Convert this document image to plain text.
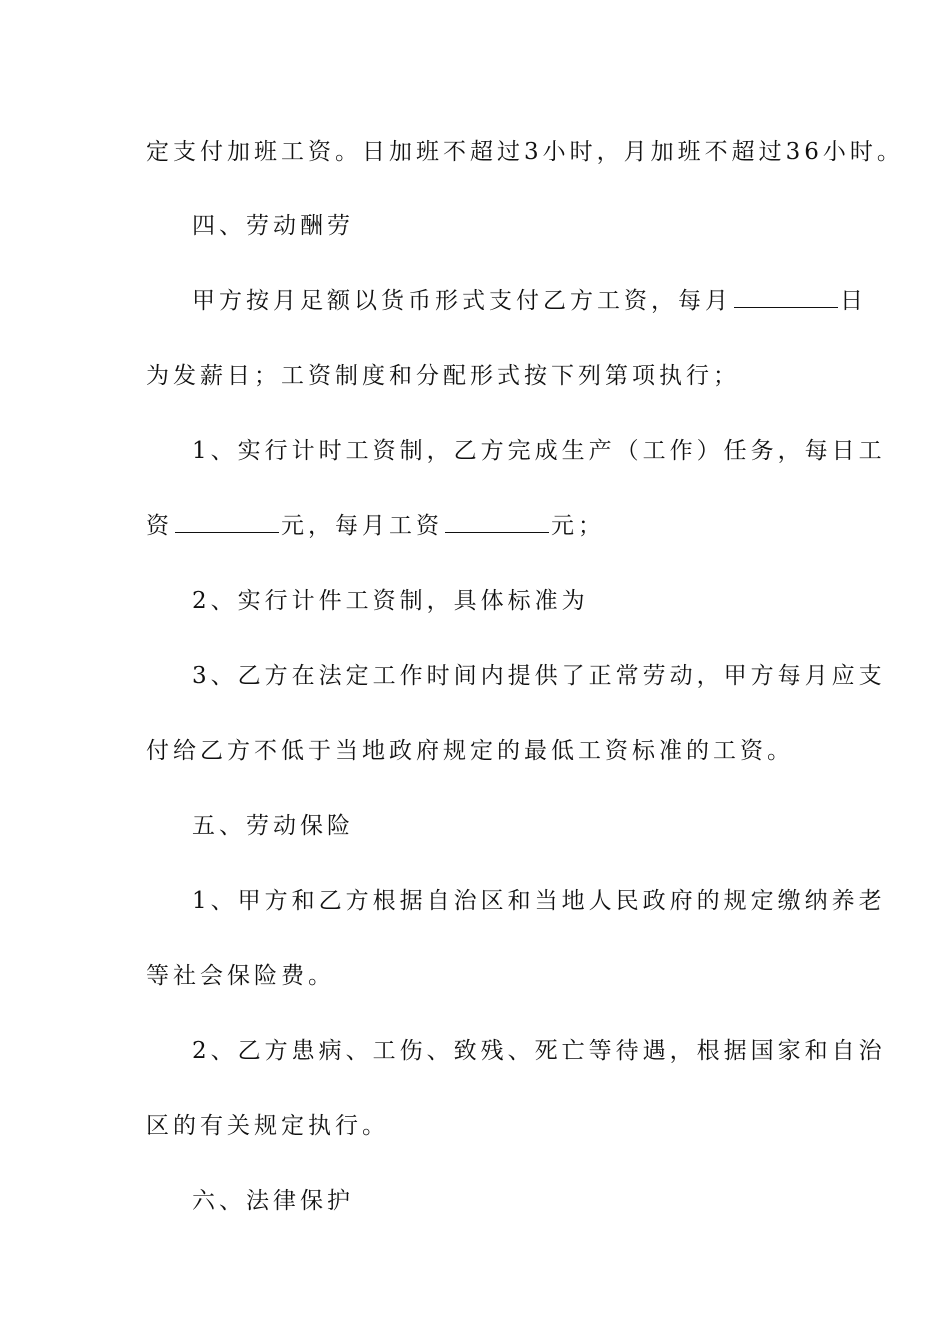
定支付加班工资。日加班不超过3小时，月加班不超过36小时。
四、劳动酬劳
甲方按月足额以货币形式支付乙方工资，每月	日
为发薪日；工资制度和分配形式按下列第项执行；
1、实行计时工资制，乙方完成生产（工作）任务，每日工
资	元，每月工资	元；
2、实行计件工资制，具体标准为
3、乙方在法定工作时间内提供了正常劳动，甲方每月应支
付给乙方不低于当地政府规定的最低工资标准的工资。
五、劳动保险
1、甲方和乙方根据自治区和当地人民政府的规定缴纳养老
等社会保险费。
2、乙方患病、工伤、致残、死亡等待遇，根据国家和自治
区的有关规定执行。
六、法律保护
